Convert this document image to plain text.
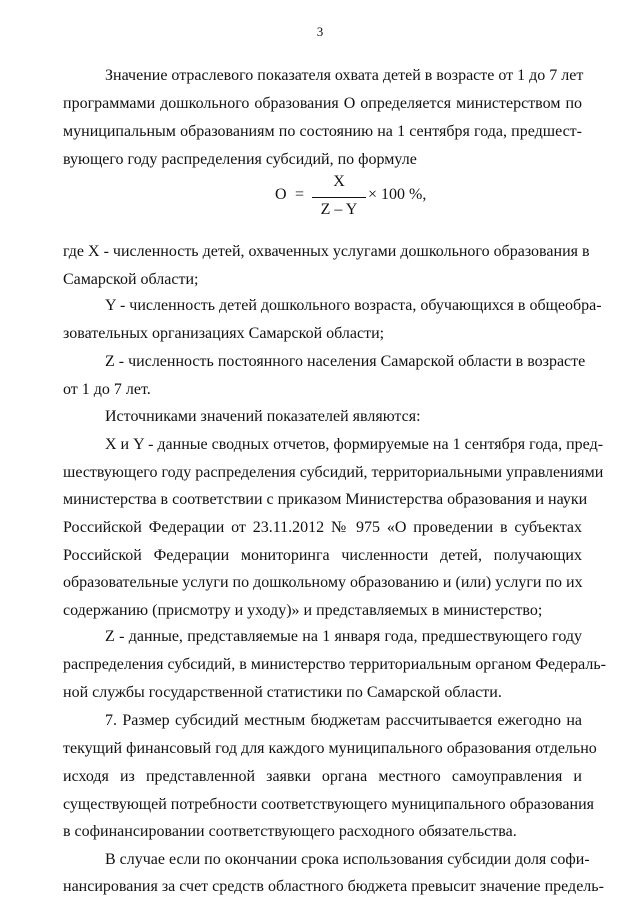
3
Значение отраслевого показателя охвата детей в возрасте от 1 до 7 лет
программами дошкольного образования О определяется министерством по
муниципальным образованиям по состоянию на 1 сентября года, предшест-
вующего году распределения субсидий, по формуле
O =
X
Z – Y
× 100 %,
где X - численность детей, охваченных услугами дошкольного образования в
Самарской области;
Y - численность детей дошкольного возраста, обучающихся в общеобра-
зовательных организациях Самарской области;
Z - численность постоянного населения Самарской области в возрасте
от 1 до 7 лет.
Источниками значений показателей являются:
X и Y - данные сводных отчетов, формируемые на 1 сентября года, пред-
шествующего году распределения субсидий, территориальными управлениями
министерства в соответствии с приказом Министерства образования и науки
Российской Федерации от 23.11.2012 № 975 «О проведении в субъектах
Российской Федерации мониторинга численности детей, получающих
образовательные услуги по дошкольному образованию и (или) услуги по их
содержанию (присмотру и уходу)» и представляемых в министерство;
Z - данные, представляемые на 1 января года, предшествующего году
распределения субсидий, в министерство территориальным органом Федераль-
ной службы государственной статистики по Самарской области.
7. Размер субсидий местным бюджетам рассчитывается ежегодно на
текущий финансовый год для каждого муниципального образования отдельно
исходя из представленной заявки органа местного самоуправления и
существующей потребности соответствующего муниципального образования
в софинансировании соответствующего расходного обязательства.
В случае если по окончании срока использования субсидии доля софи-
нансирования за счет средств областного бюджета превысит значение предель-
